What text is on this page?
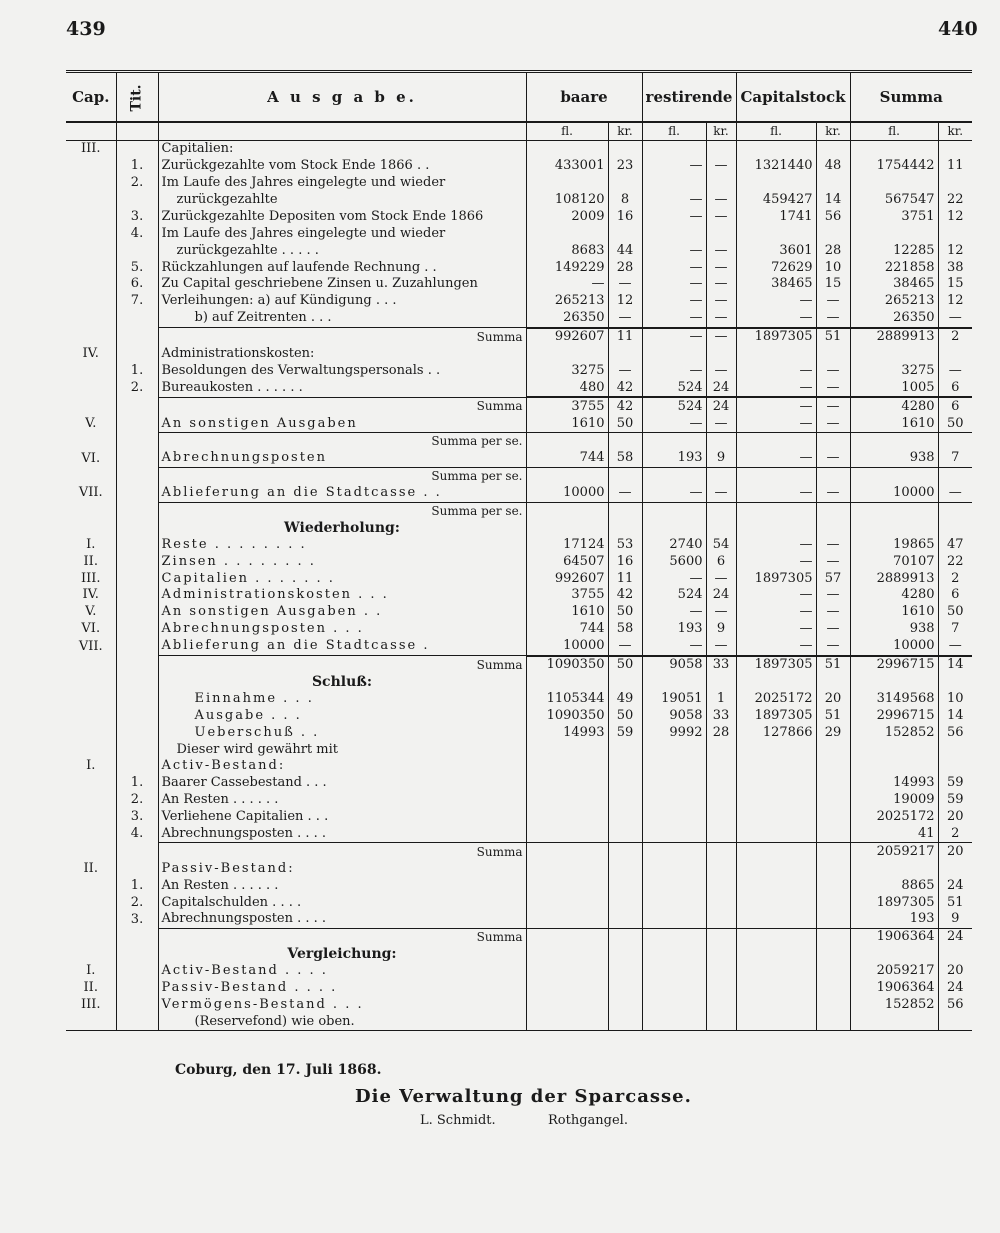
439	440
Cap.	Tit.	A u s g a b e.	baare		restirende		Capitalstock		Summa	
			fl.	kr.	fl.	kr.	fl.	kr.	fl.	kr.
III.		Capitalien:								
	1.	Zurückgezahlte vom Stock Ende 1866 . .	433001	23	—	—	1321440	48	1754442	11
	2.	Im Laufe des Jahres eingelegte und wieder								
		zurückgezahlte	108120	8	—	—	459427	14	567547	22
	3.	Zurückgezahlte Depositen vom Stock Ende 1866	2009	16	—	—	1741	56	3751	12
	4.	Im Laufe des Jahres eingelegte und wieder								
		zurückgezahlte . . . . .	8683	44	—	—	3601	28	12285	12
	5.	Rückzahlungen auf laufende Rechnung . .	149229	28	—	—	72629	10	221858	38
	6.	Zu Capital geschriebene Zinsen u. Zuzahlungen	—	—	—	—	38465	15	38465	15
	7.	Verleihungen: a) auf Kündigung . . .	265213	12	—	—	—	—	265213	12
		b) auf Zeitrenten . . .	26350	—	—	—	—	—	26350	—
		Summa	992607	11	—	—	1897305	51	2889913	2
IV.		Administrationskosten:								
	1.	Besoldungen des Verwaltungspersonals . .	3275	—	—	—	—	—	3275	—
	2.	Bureaukosten . . . . . .	480	42	524	24	—	—	1005	6
		Summa	3755	42	524	24	—	—	4280	6
V.		An sonstigen Ausgaben	1610	50	—	—	—	—	1610	50
		Summa per se.								
VI.		Abrechnungsposten	744	58	193	9	—	—	938	7
		Summa per se.								
VII.		Ablieferung an die Stadtcasse . .	10000	—	—	—	—	—	10000	—
		Summa per se.								
		Wiederholung:								
I.		Reste . . . . . . . .	17124	53	2740	54	—	—	19865	47
II.		Zinsen . . . . . . . .	64507	16	5600	6	—	—	70107	22
III.		Capitalien . . . . . . .	992607	11	—	—	1897305	57	2889913	2
IV.		Administrationskosten . . .	3755	42	524	24	—	—	4280	6
V.		An sonstigen Ausgaben . .	1610	50	—	—	—	—	1610	50
VI.		Abrechnungsposten . . .	744	58	193	9	—	—	938	7
VII.		Ablieferung an die Stadtcasse .	10000	—	—	—	—	—	10000	—
		Summa	1090350	50	9058	33	1897305	51	2996715	14
		Schluß:								
		Einnahme . . .	1105344	49	19051	1	2025172	20	3149568	10
		Ausgabe . . .	1090350	50	9058	33	1897305	51	2996715	14
		Ueberschuß . .	14993	59	9992	28	127866	29	152852	56
		Dieser wird gewährt mit								
I.		Activ-Bestand:								
	1.	Baarer Cassebestand . . .							14993	59
	2.	An Resten . . . . . .							19009	59
	3.	Verliehene Capitalien . . .							2025172	20
	4.	Abrechnungsposten . . . .							41	2
		Summa							2059217	20
II.		Passiv-Bestand:								
	1.	An Resten . . . . . .							8865	24
	2.	Capitalschulden . . . .							1897305	51
	3.	Abrechnungsposten . . . .							193	9
		Summa							1906364	24
		Vergleichung:								
I.		Activ-Bestand . . . .							2059217	20
II.		Passiv-Bestand . . . .							1906364	24
III.		Vermögens-Bestand . . .							152852	56
		(Reservefond) wie oben.								
Coburg, den 17. Juli 1868.
Die Verwaltung der Sparcasse.
L. Schmidt.	Rothgangel.
